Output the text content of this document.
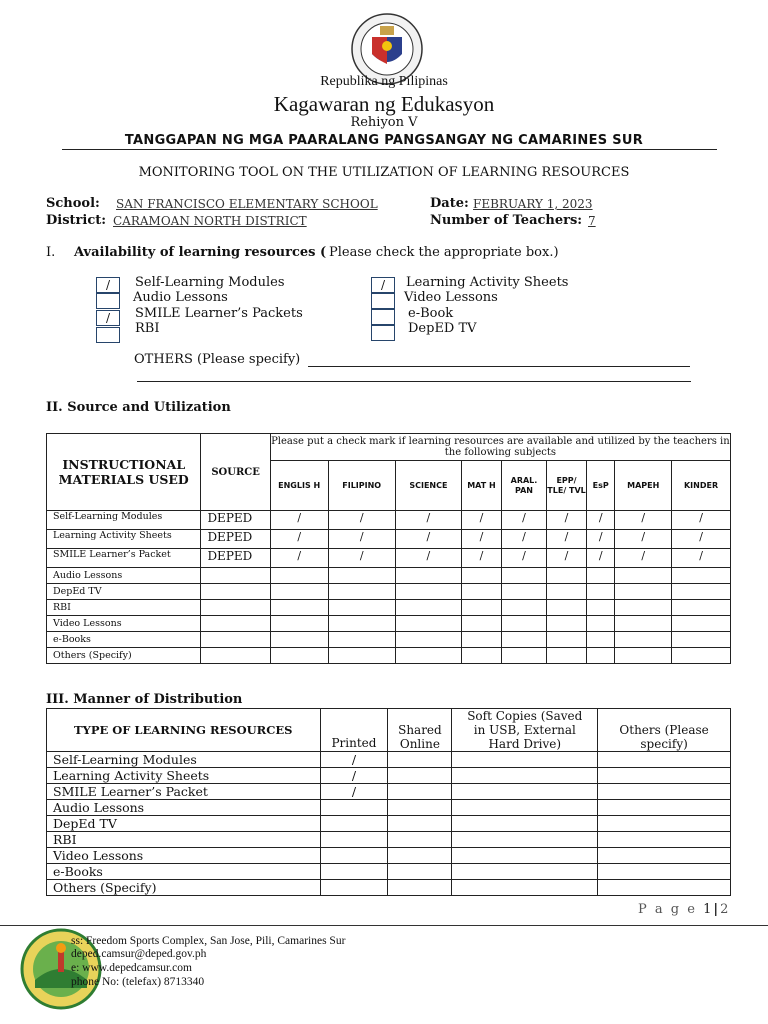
Republika ng Pilipinas
Kagawaran ng Edukasyon
Rehiyon V
TANGGAPAN NG MGA PAARALANG PANGSANGAY NG CAMARINES SUR
MONITORING TOOL ON THE UTILIZATION OF LEARNING RESOURCES
School: SAN FRANCISCO ELEMENTARY SCHOOL	Date: FEBRUARY 1, 2023
District: CARAMOAN NORTH DISTRICT	Number of Teachers: 7
I. Availability of learning resources ( Please check the appropriate box.)
/	Self-Learning Modules	/	Learning Activity Sheets
Audio Lessons	Video Lessons
/	SMILE Learner’s Packets	e-Book
RBI	DepED TV
OTHERS (Please specify)
II. Source and Utilization
INSTRUCTIONAL MATERIALS USED	SOURCE	Please put a check mark if learning resources are available and utilized by the teachers in the following subjects								
		ENGLIS H	FILIPINO	SCIENCE	MAT H	ARAL. PAN	EPP/ TLE/ TVL	EsP	MAPEH	KINDER
Self-Learning Modules	DEPED	/	/	/	/	/	/	/	/	/
Learning Activity Sheets	DEPED	/	/	/	/	/	/	/	/	/
SMILE Learner’s Packet	DEPED	/	/	/	/	/	/	/	/	/
Audio Lessons										
DepEd TV										
RBI										
Video Lessons										
e-Books										
Others (Specify)										
III. Manner of Distribution
TYPE OF LEARNING RESOURCES	Printed	Shared Online	Soft Copies (Saved in USB, External Hard Drive)	Others (Please specify)
Self-Learning Modules	/			
Learning Activity Sheets	/			
SMILE Learner’s Packet	/			
Audio Lessons				
DepEd TV				
RBI				
Video Lessons				
e-Books				
Others (Specify)				
P a g e 1|2
ss: Freedom Sports Complex, San Jose, Pili, Camarines Sur
deped.camsur@deped.gov.ph
e: www.depedcamsur.com
phone No: (telefax) 8713340
